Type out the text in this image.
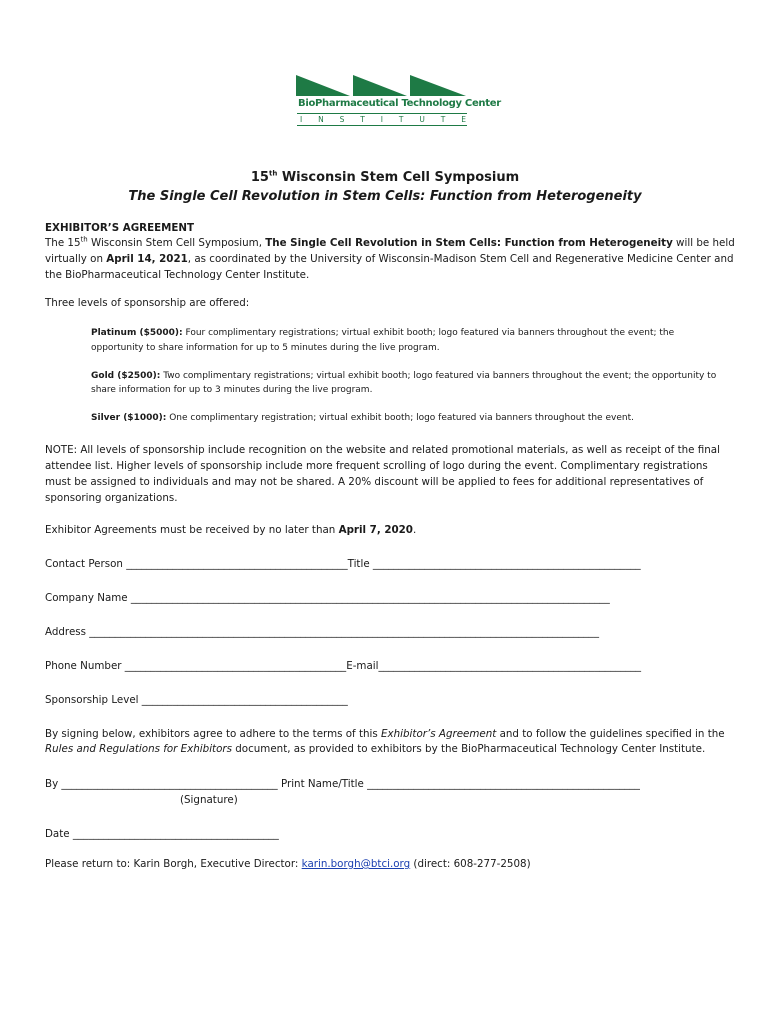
BioPharmaceutical Technology Center
I N S T I T U T E
15th Wisconsin Stem Cell Symposium
The Single Cell Revolution in Stem Cells: Function from Heterogeneity
EXHIBITOR’S AGREEMENT
The 15th Wisconsin Stem Cell Symposium, The Single Cell Revolution in Stem Cells: Function from Heterogeneity will be held
virtually on April 14, 2021, as coordinated by the University of Wisconsin-Madison Stem Cell and Regenerative Medicine Center and
the BioPharmaceutical Technology Center Institute.
Three levels of sponsorship are offered:
Platinum ($5000): Four complimentary registrations; virtual exhibit booth; logo featured via banners throughout the event; the
opportunity to share information for up to 5 minutes during the live program.
Gold ($2500): Two complimentary registrations; virtual exhibit booth; logo featured via banners throughout the event; the opportunity to
share information for up to 3 minutes during the live program.
Silver ($1000): One complimentary registration; virtual exhibit booth; logo featured via banners throughout the event.
NOTE: All levels of sponsorship include recognition on the website and related promotional materials, as well as receipt of the final
attendee list. Higher levels of sponsorship include more frequent scrolling of logo during the event. Complimentary registrations
must be assigned to individuals and may not be shared. A 20% discount will be applied to fees for additional representatives of
sponsoring organizations.
Exhibitor Agreements must be received by no later than April 7, 2020.
Contact Person ___________________________________________Title ____________________________________________________
Company Name _____________________________________________________________________________________________
Address ___________________________________________________________________________________________________
Phone Number ___________________________________________E-mail___________________________________________________
Sponsorship Level ________________________________________
By signing below, exhibitors agree to adhere to the terms of this Exhibitor’s Agreement and to follow the guidelines specified in the
Rules and Regulations for Exhibitors document, as provided to exhibitors by the BioPharmaceutical Technology Center Institute.
By __________________________________________ Print Name/Title _____________________________________________________
(Signature)
Date ________________________________________
Please return to: Karin Borgh, Executive Director: karin.borgh@btci.org (direct: 608-277-2508)
